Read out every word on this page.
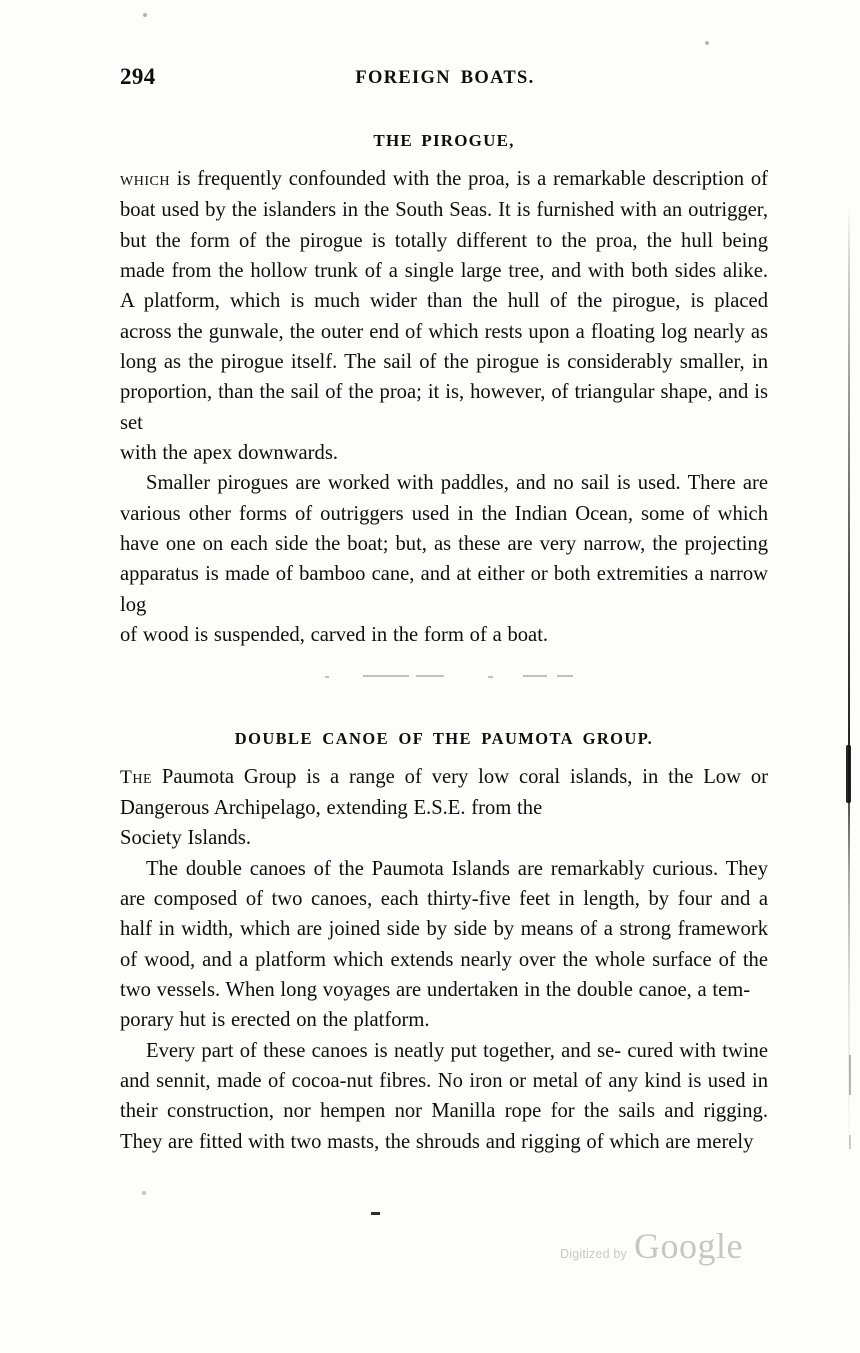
294	FOREIGN BOATS.
THE PIROGUE,

which is frequently confounded with the proa, is a remarkable description of boat used by the islanders in the South Seas. It is furnished with an outrigger, but the form of the pirogue is totally different to the proa, the hull being made from the hollow trunk of a single large tree, and with both sides alike. A platform, which is much wider than the hull of the pirogue, is placed across the gunwale, the outer end of which rests upon a floating log nearly as long as the pirogue itself. The sail of the pirogue is considerably smaller, in proportion, than the sail of the proa; it is, however, of triangular shape, and is set
with the apex downwards.

Smaller pirogues are worked with paddles, and no sail is used. There are various other forms of outriggers used in the Indian Ocean, some of which have one on each side the boat; but, as these are very narrow, the projecting apparatus is made of bamboo cane, and at either or both extremities a narrow log
of wood is suspended, carved in the form of a boat.

DOUBLE CANOE OF THE PAUMOTA GROUP.

The Paumota Group is a range of very low coral islands, in the Low or Dangerous Archipelago, extending E.S.E. from the
Society Islands.

The double canoes of the Paumota Islands are remarkably curious. They are composed of two canoes, each thirty-five feet in length, by four and a half in width, which are joined side by side by means of a strong framework of wood, and a platform which extends nearly over the whole surface of the two vessels. When long voyages are undertaken in the double canoe, a tem-
porary hut is erected on the platform.

Every part of these canoes is neatly put together, and se- cured with twine and sennit, made of cocoa-nut fibres. No iron or metal of any kind is used in their construction, nor hempen nor Manilla rope for the sails and rigging. They are fitted with two masts, the shrouds and rigging of which are merely

Digitized by Google
